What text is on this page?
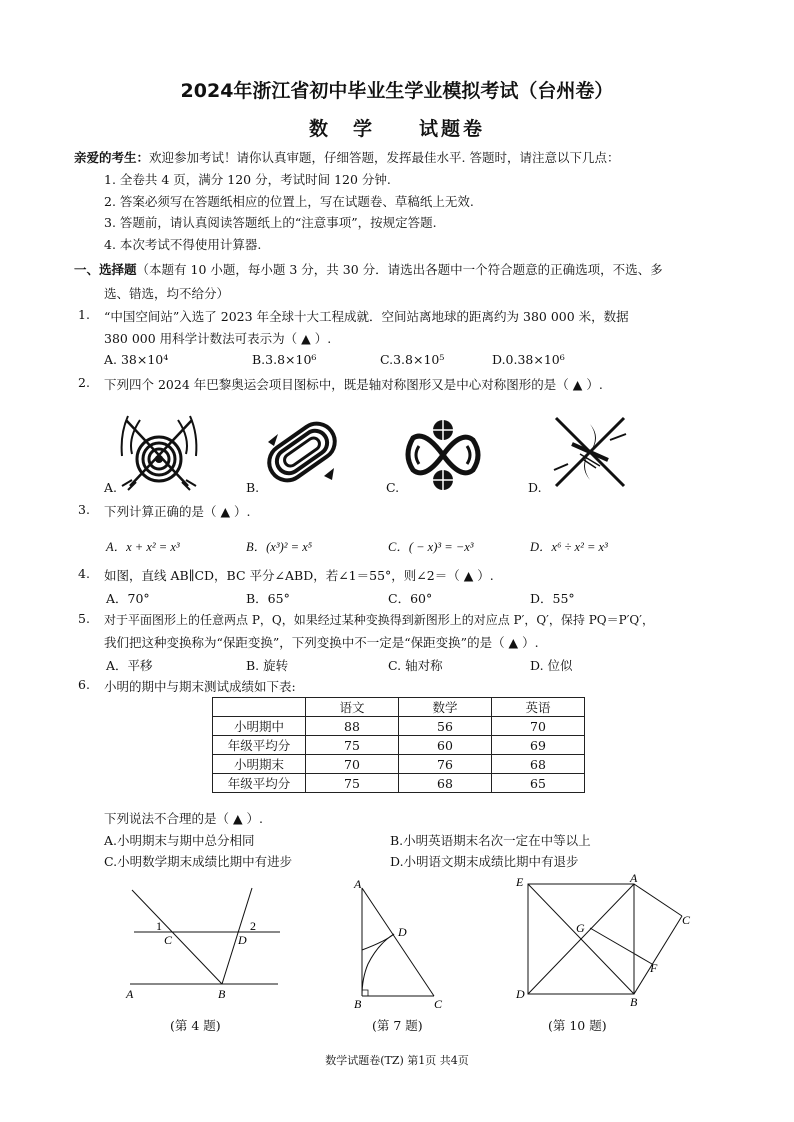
2024年浙江省初中毕业生学业模拟考试（台州卷）
数　学　　试题卷
亲爱的考生：欢迎参加考试！请你认真审题，仔细答题，发挥最佳水平. 答题时，请注意以下几点：
1. 全卷共 4 页，满分 120 分，考试时间 120 分钟.
2. 答案必须写在答题纸相应的位置上，写在试题卷、草稿纸上无效.
3. 答题前，请认真阅读答题纸上的“注意事项”，按规定答题.
4. 本次考试不得使用计算器.
一、选择题（本题有 10 小题，每小题 3 分，共 30 分．请选出各题中一个符合题意的正确选项，不选、多
选、错选，均不给分）
1. “中国空间站”入选了 2023 年全球十大工程成就．空间站离地球的距离约为 380 000 米，数据
380 000 用科学计数法可表示为（ ▲ ）.
A. 38×10⁴	B.3.8×10⁶	C.3.8×10⁵	D.0.38×10⁶
2. 下列四个 2024 年巴黎奥运会项目图标中，既是轴对称图形又是中心对称图形的是（ ▲ ）.
A.	B.	C.	D.
3. 下列计算正确的是（ ▲ ）.
A．x + x² = x³	B．(x³)² = x⁵	C．( − x)³ = −x³	D．x⁶ ÷ x² = x³
4. 如图，直线 AB∥CD，BC 平分∠ABD，若∠1＝55°，则∠2＝（ ▲ ）.
A．70°	B．65°	C．60°	D．55°
5. 对于平面图形上的任意两点 P，Q，如果经过某种变换得到新图形上的对应点 P′，Q′，保持 PQ＝P′Q′，
我们把这种变换称为“保距变换”，下列变换中不一定是“保距变换”的是（ ▲ ）.
A．平移	B. 旋转	C. 轴对称	D. 位似
6. 小明的期中与期末测试成绩如下表:
	语文	数学	英语
小明期中	88	56	70
年级平均分	75	60	69
小明期末	70	76	68
年级平均分	75	68	65
下列说法不合理的是（ ▲ ）.
A.小明期末与期中总分相同	B.小明英语期末名次一定在中等以上
C.小明数学期末成绩比期中有进步	D.小明语文期末成绩比期中有退步
1	2
C	D
A	B
(第 4 题)
A
D
B	C
(第 7 题)
E	A
C
G
F
D
B
(第 10 题)
数学试题卷(TZ) 第1页 共4页
